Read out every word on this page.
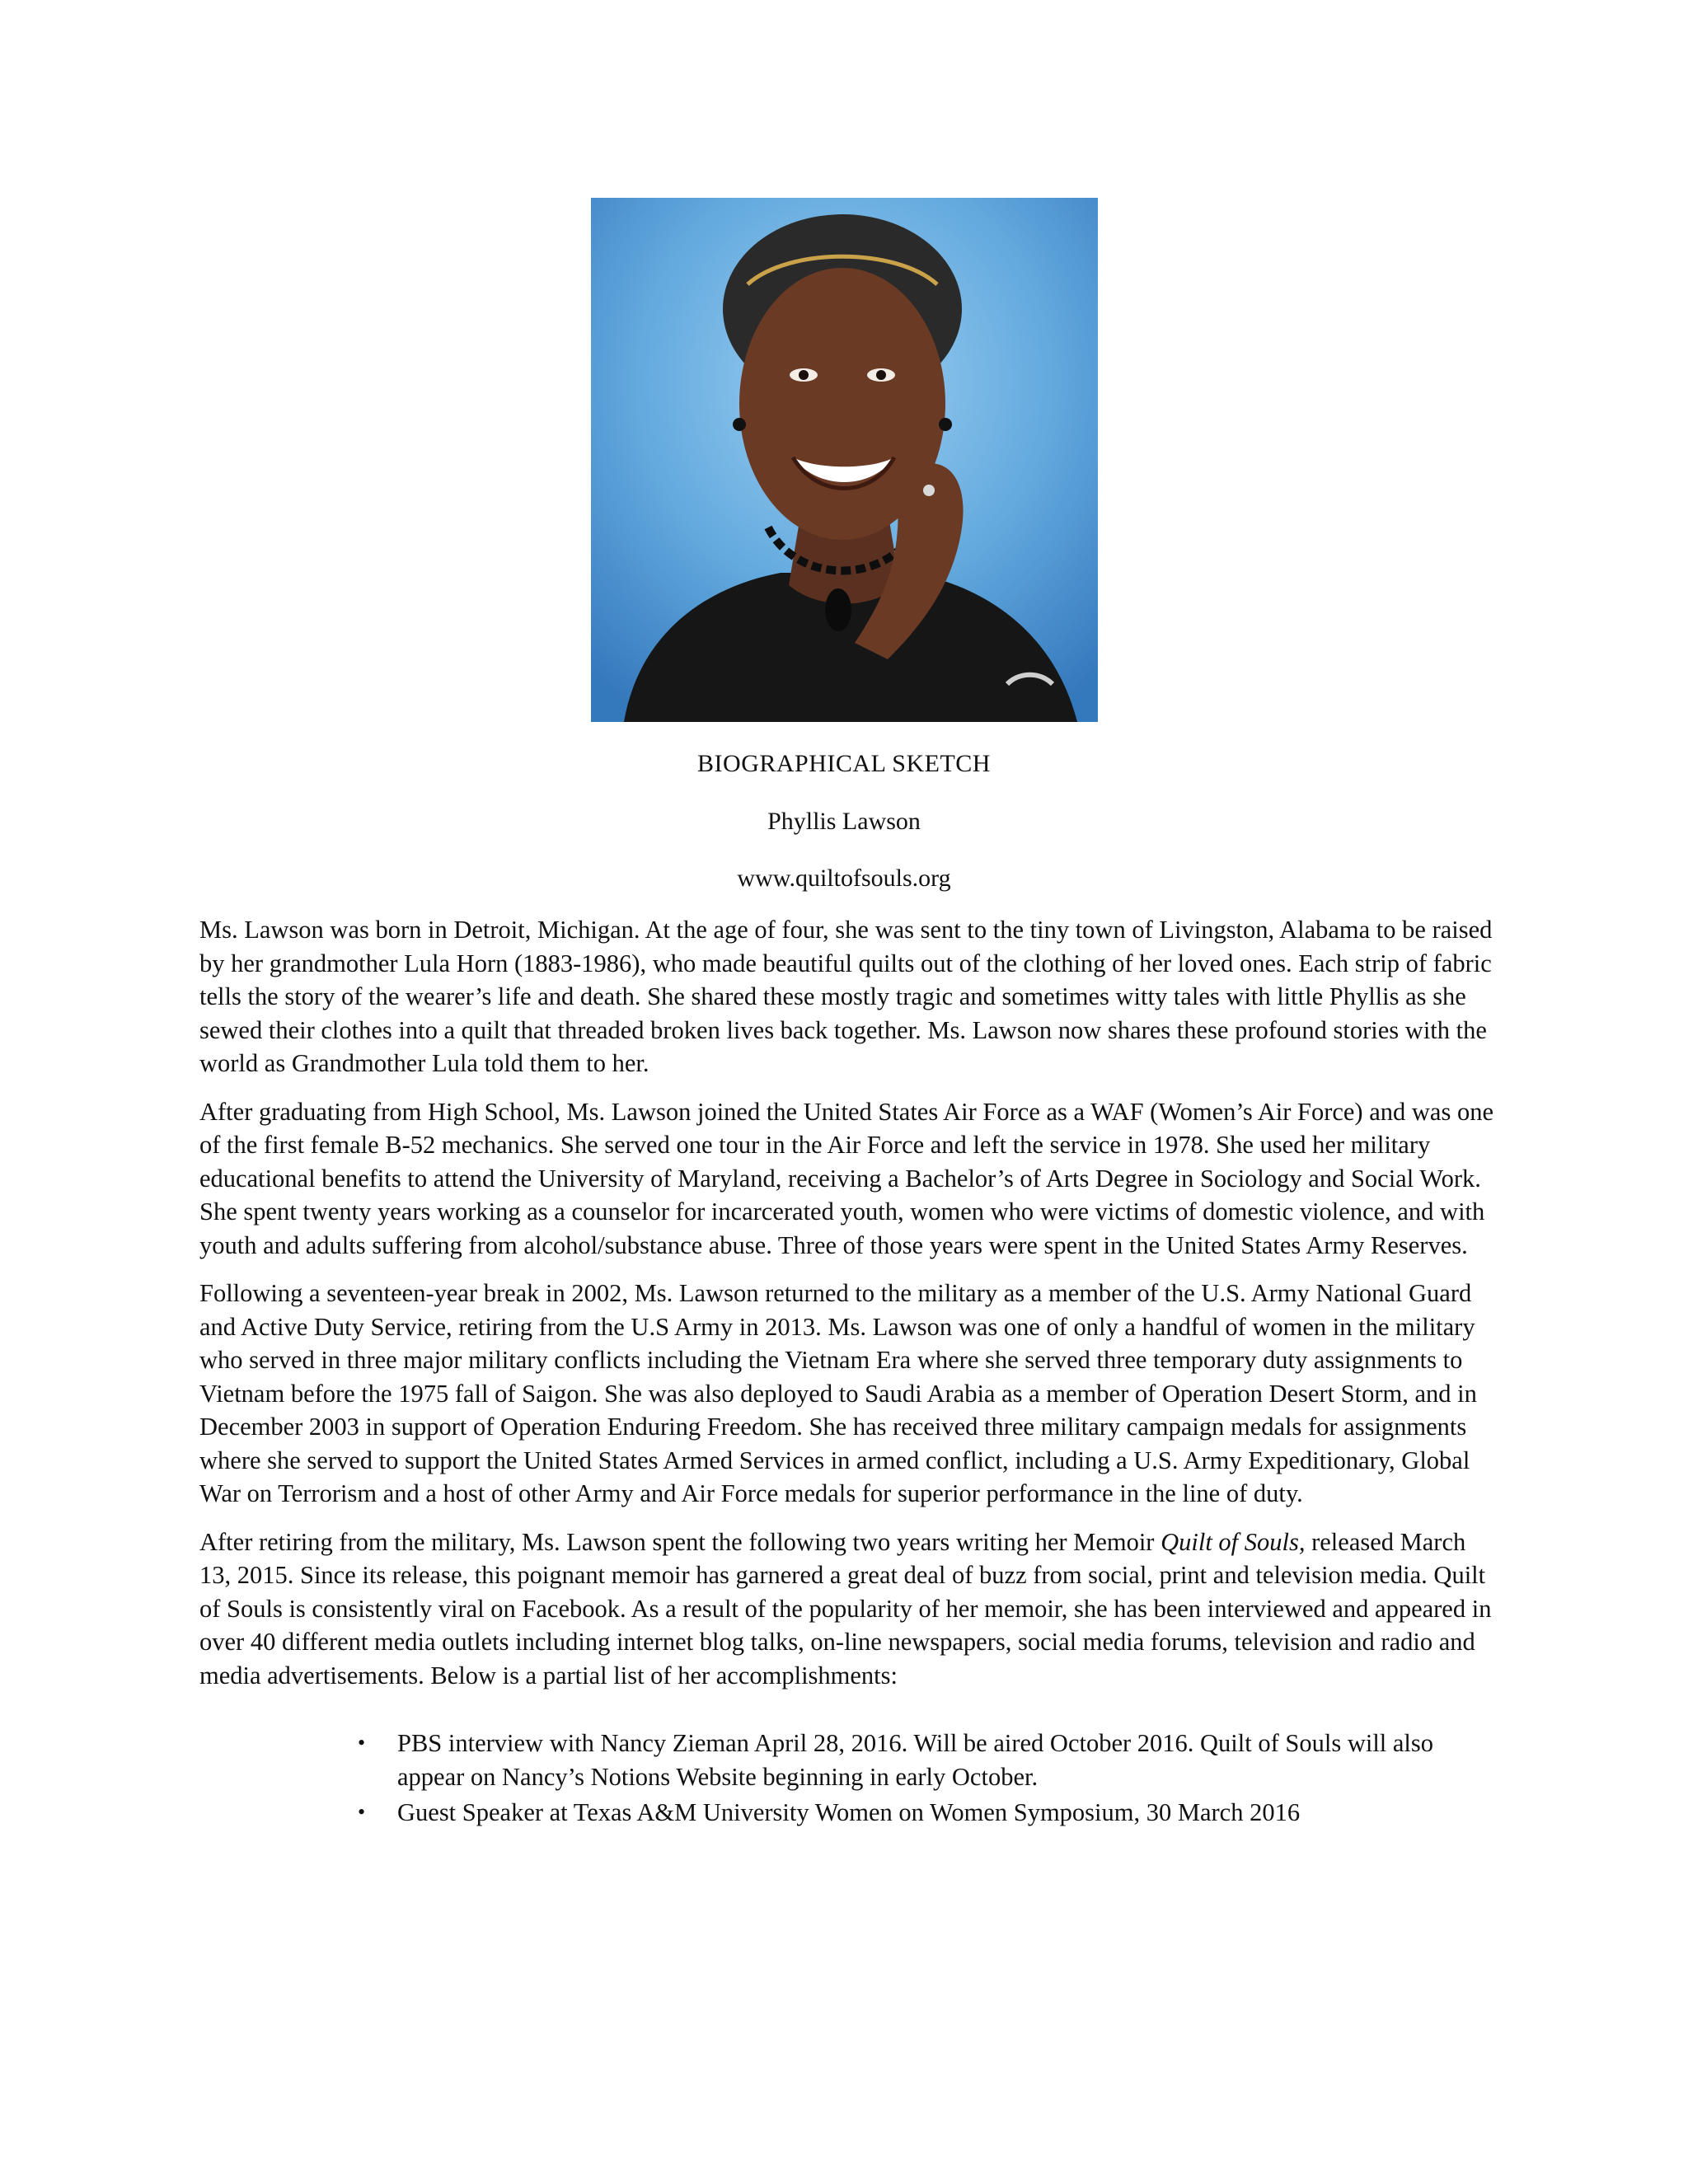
BIOGRAPHICAL SKETCH
Phyllis Lawson
www.quiltofsouls.org

Ms. Lawson was born in Detroit, Michigan. At the age of four, she was sent to the tiny town of Livingston, Alabama to be raised by her grandmother Lula Horn (1883-1986), who made beautiful quilts out of the clothing of her loved ones. Each strip of fabric tells the story of the wearer’s life and death. She shared these mostly tragic and sometimes witty tales with little Phyllis as she sewed their clothes into a quilt that threaded broken lives back together. Ms. Lawson now shares these profound stories with the world as Grandmother Lula told them to her.

After graduating from High School, Ms. Lawson joined the United States Air Force as a WAF (Women’s Air Force) and was one of the first female B-52 mechanics. She served one tour in the Air Force and left the service in 1978. She used her military educational benefits to attend the University of Maryland, receiving a Bachelor’s of Arts Degree in Sociology and Social Work. She spent twenty years working as a counselor for incarcerated youth, women who were victims of domestic violence, and with youth and adults suffering from alcohol/substance abuse. Three of those years were spent in the United States Army Reserves.

Following a seventeen-year break in 2002, Ms. Lawson returned to the military as a member of the U.S. Army National Guard and Active Duty Service, retiring from the U.S Army in 2013. Ms. Lawson was one of only a handful of women in the military who served in three major military conflicts including the Vietnam Era where she served three temporary duty assignments to Vietnam before the 1975 fall of Saigon. She was also deployed to Saudi Arabia as a member of Operation Desert Storm, and in December 2003 in support of Operation Enduring Freedom. She has received three military campaign medals for assignments where she served to support the United States Armed Services in armed conflict, including a U.S. Army Expeditionary, Global War on Terrorism and a host of other Army and Air Force medals for superior performance in the line of duty.

After retiring from the military, Ms. Lawson spent the following two years writing her Memoir Quilt of Souls, released March 13, 2015. Since its release, this poignant memoir has garnered a great deal of buzz from social, print and television media. Quilt of Souls is consistently viral on Facebook. As a result of the popularity of her memoir, she has been interviewed and appeared in over 40 different media outlets including internet blog talks, on-line newspapers, social media forums, television and radio and media advertisements. Below is a partial list of her accomplishments:

• PBS interview with Nancy Zieman April 28, 2016. Will be aired October 2016. Quilt of Souls will also appear on Nancy’s Notions Website beginning in early October.
• Guest Speaker at Texas A&M University Women on Women Symposium, 30 March 2016
